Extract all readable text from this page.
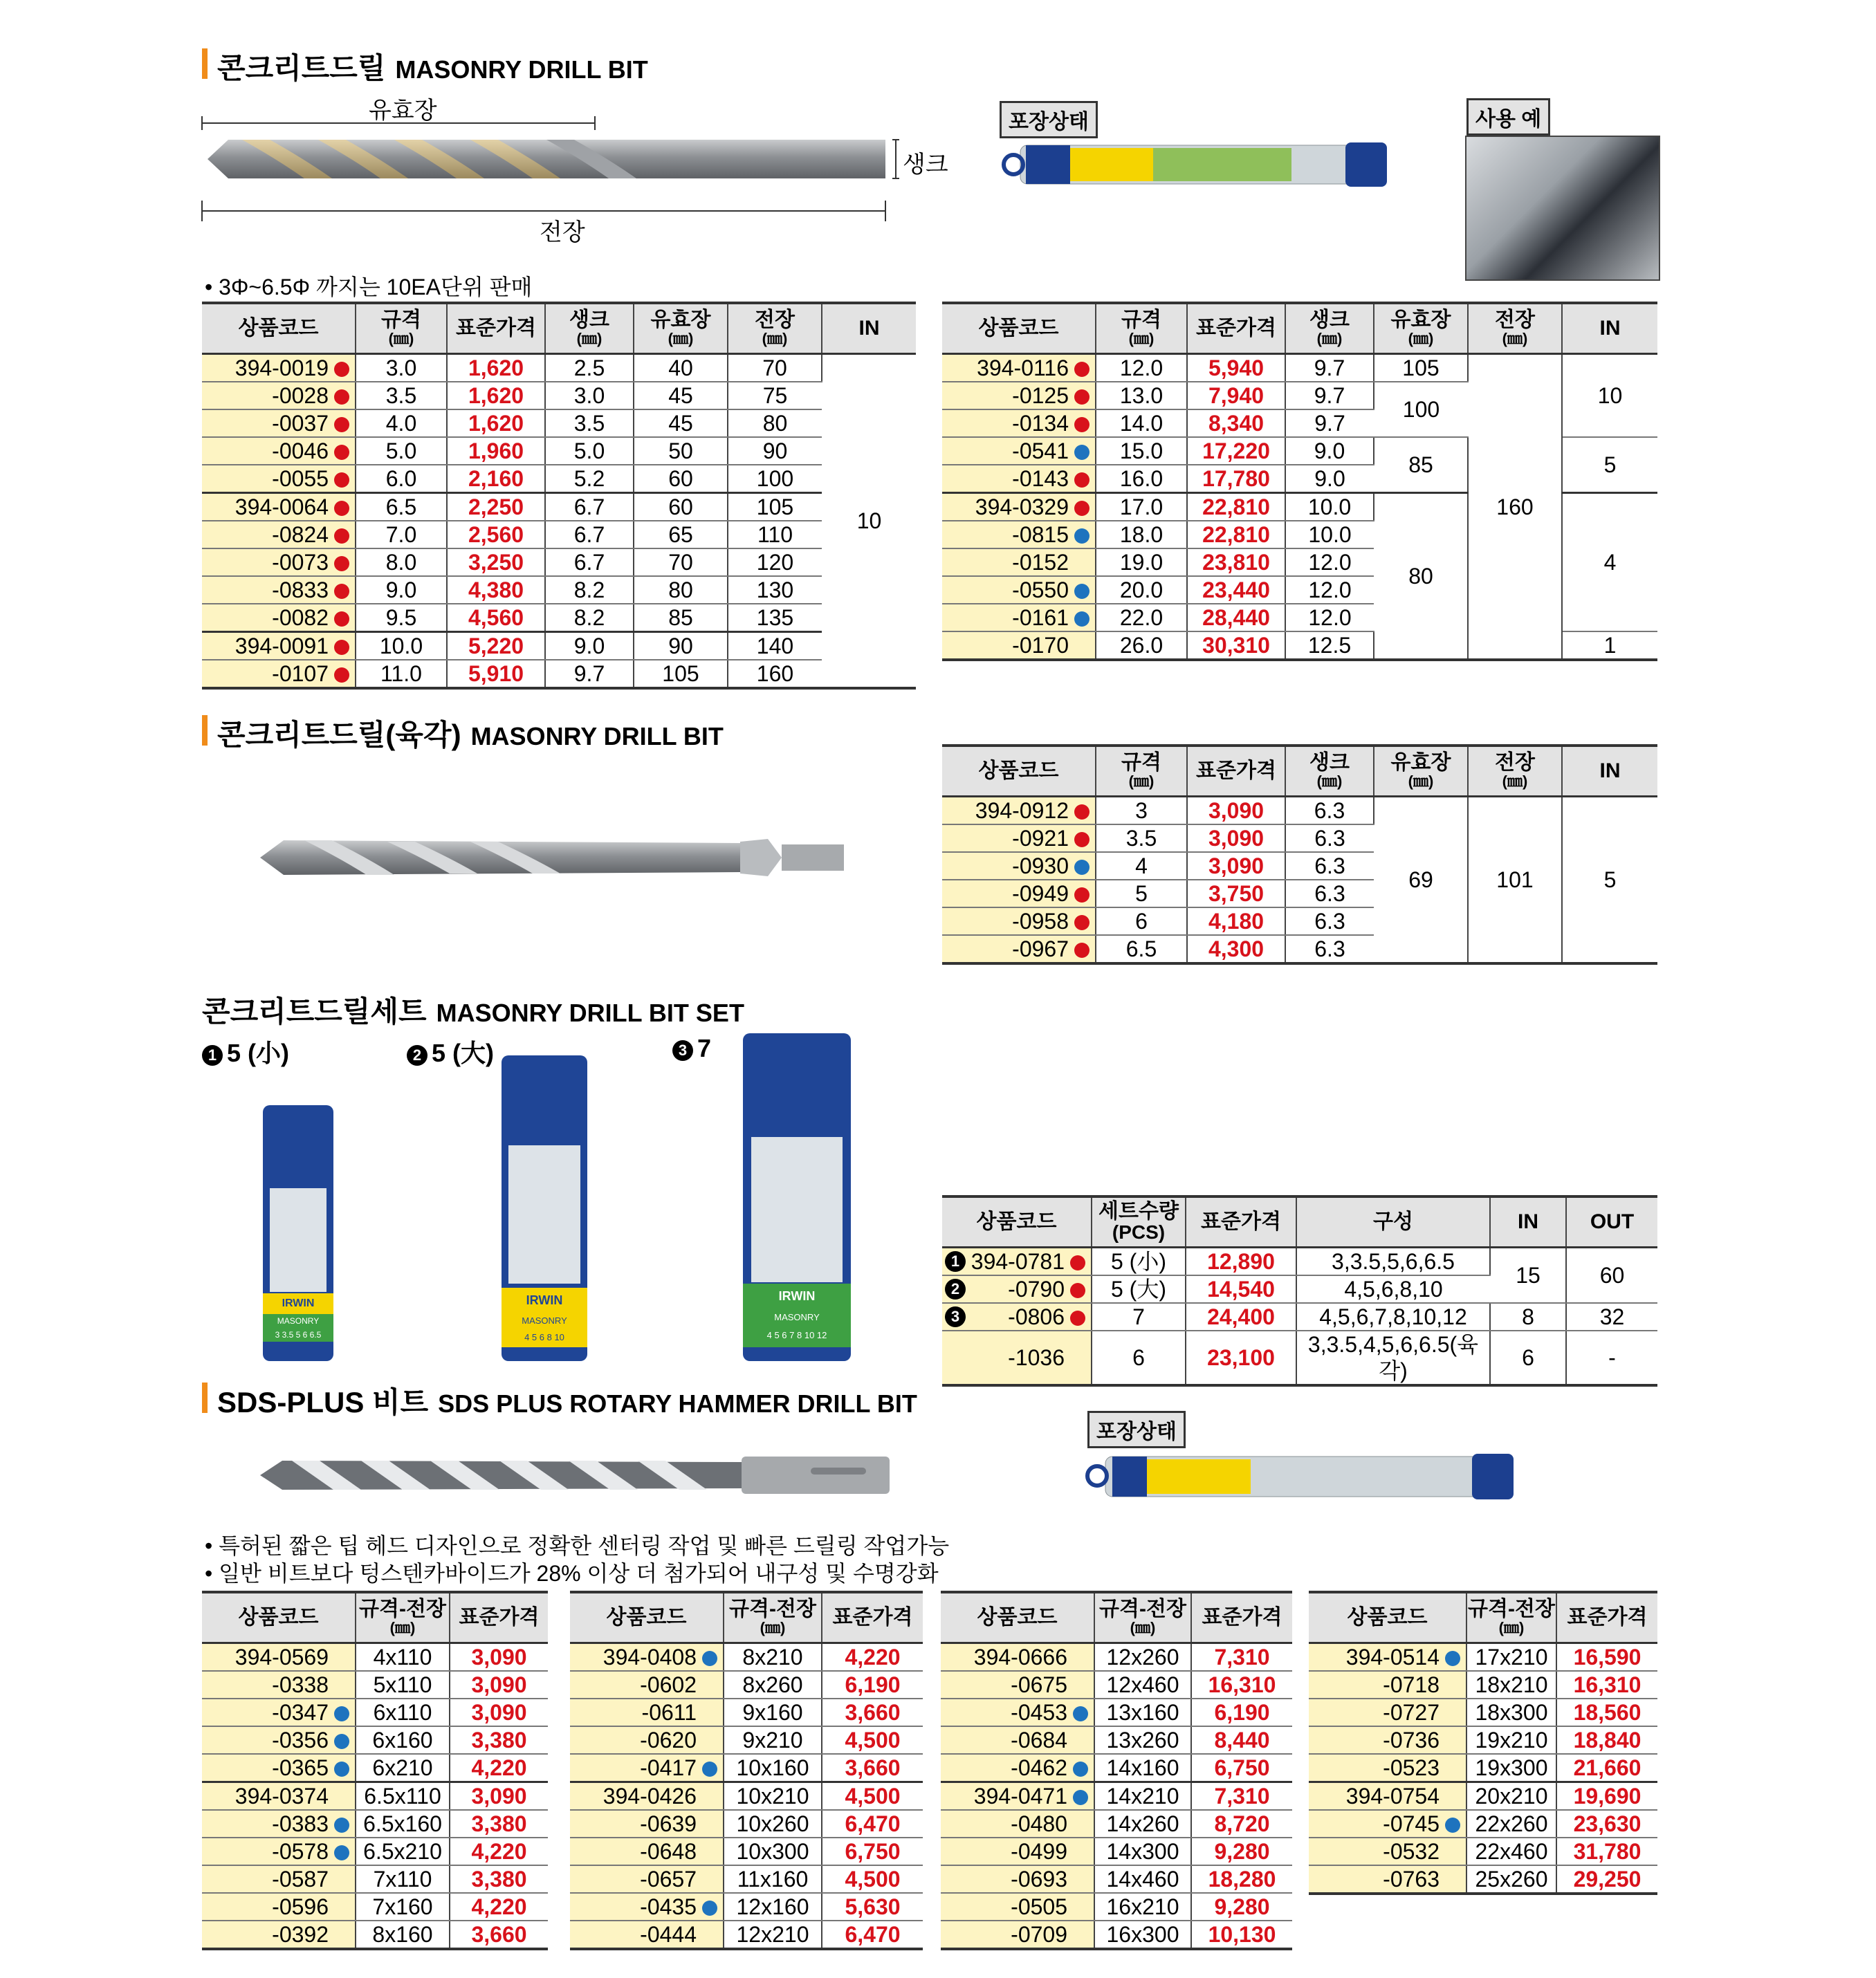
콘크리트드릴 MASONRY DRILL BIT
유효장
생크
전장
포장상태	사용 예
• 3Φ~6.5Φ 까지는 10EA단위 판매
상품코드	규격
(㎜)	표준가격	생크
(㎜)	유효장
(㎜)	전장
(㎜)	IN
394-0019	3.0	1,620	2.5	40	70	10
-0028	3.5	1,620	3.0	45	75	
-0037	4.0	1,620	3.5	45	80	
-0046	5.0	1,960	5.0	50	90	
-0055	6.0	2,160	5.2	60	100	
394-0064	6.5	2,250	6.7	60	105	
-0824	7.0	2,560	6.7	65	110	
-0073	8.0	3,250	6.7	70	120	
-0833	9.0	4,380	8.2	80	130	
-0082	9.5	4,560	8.2	85	135	
394-0091	10.0	5,220	9.0	90	140	
-0107	11.0	5,910	9.7	105	160	
상품코드	규격
(㎜)	표준가격	생크
(㎜)	유효장
(㎜)	전장
(㎜)	IN
394-0116	12.0	5,940	9.7	105	160	10
-0125	13.0	7,940	9.7	100		
-0134	14.0	8,340	9.7			
-0541	15.0	17,220	9.0	85		5
-0143	16.0	17,780	9.0			
394-0329	17.0	22,810	10.0	80		4
-0815	18.0	22,810	10.0			
-0152	19.0	23,810	12.0			
-0550	20.0	23,440	12.0			
-0161	22.0	28,440	12.0			
-0170	26.0	30,310	12.5			1
콘크리트드릴(육각) MASONRY DRILL BIT
상품코드	규격
(㎜)	표준가격	생크
(㎜)	유효장
(㎜)	전장
(㎜)	IN
394-0912	3	3,090	6.3	69	101	5
-0921	3.5	3,090	6.3			
-0930	4	3,090	6.3			
-0949	5	3,750	6.3			
-0958	6	4,180	6.3			
-0967	6.5	4,300	6.3			
콘크리트드릴세트 MASONRY DRILL BIT SET
1 5 (小)	2 5 (大)	3 7
IRWIN
MASONRY
3 3.5 5 6 6.5
IRWIN
MASONRY
4 5 6 8 10
IRWIN
MASONRY
4 5 6 7 8 10 12
상품코드	세트수량
(PCS)	표준가격	구성	IN	OUT

1 394-0781	5 (小)	12,890	3,3.5,5,6,6.5	15	60

2 -0790	5 (大)	14,540	4,5,6,8,10		

3 -0806	7	24,400	4,5,6,7,8,10,12	8	32
-1036	6	23,100	3,3.5,4,5,6,6.5(육각)	6	-
SDS-PLUS 비트 SDS PLUS ROTARY HAMMER DRILL BIT
포장상태
• 특허된 짧은 팁 헤드 디자인으로 정확한 센터링 작업 및 빠른 드릴링 작업가능
• 일반 비트보다 텅스텐카바이드가 28% 이상 더 첨가되어 내구성 및 수명강화
상품코드	규격-전장
(㎜)	표준가격
394-0569	4x110	3,090
-0338	5x110	3,090
-0347	6x110	3,090
-0356	6x160	3,380
-0365	6x210	4,220
394-0374	6.5x110	3,090
-0383	6.5x160	3,380
-0578	6.5x210	4,220
-0587	7x110	3,380
-0596	7x160	4,220
-0392	8x160	3,660
상품코드	규격-전장
(㎜)	표준가격
394-0408	8x210	4,220
-0602	8x260	6,190
-0611	9x160	3,660
-0620	9x210	4,500
-0417	10x160	3,660
394-0426	10x210	4,500
-0639	10x260	6,470
-0648	10x300	6,750
-0657	11x160	4,500
-0435	12x160	5,630
-0444	12x210	6,470
상품코드	규격-전장
(㎜)	표준가격
394-0666	12x260	7,310
-0675	12x460	16,310
-0453	13x160	6,190
-0684	13x260	8,440
-0462	14x160	6,750
394-0471	14x210	7,310
-0480	14x260	8,720
-0499	14x300	9,280
-0693	14x460	18,280
-0505	16x210	9,280
-0709	16x300	10,130
상품코드	규격-전장
(㎜)	표준가격
394-0514	17x210	16,590
-0718	18x210	16,310
-0727	18x300	18,560
-0736	19x210	18,840
-0523	19x300	21,660
394-0754	20x210	19,690
-0745	22x260	23,630
-0532	22x460	31,780
-0763	25x260	29,250
